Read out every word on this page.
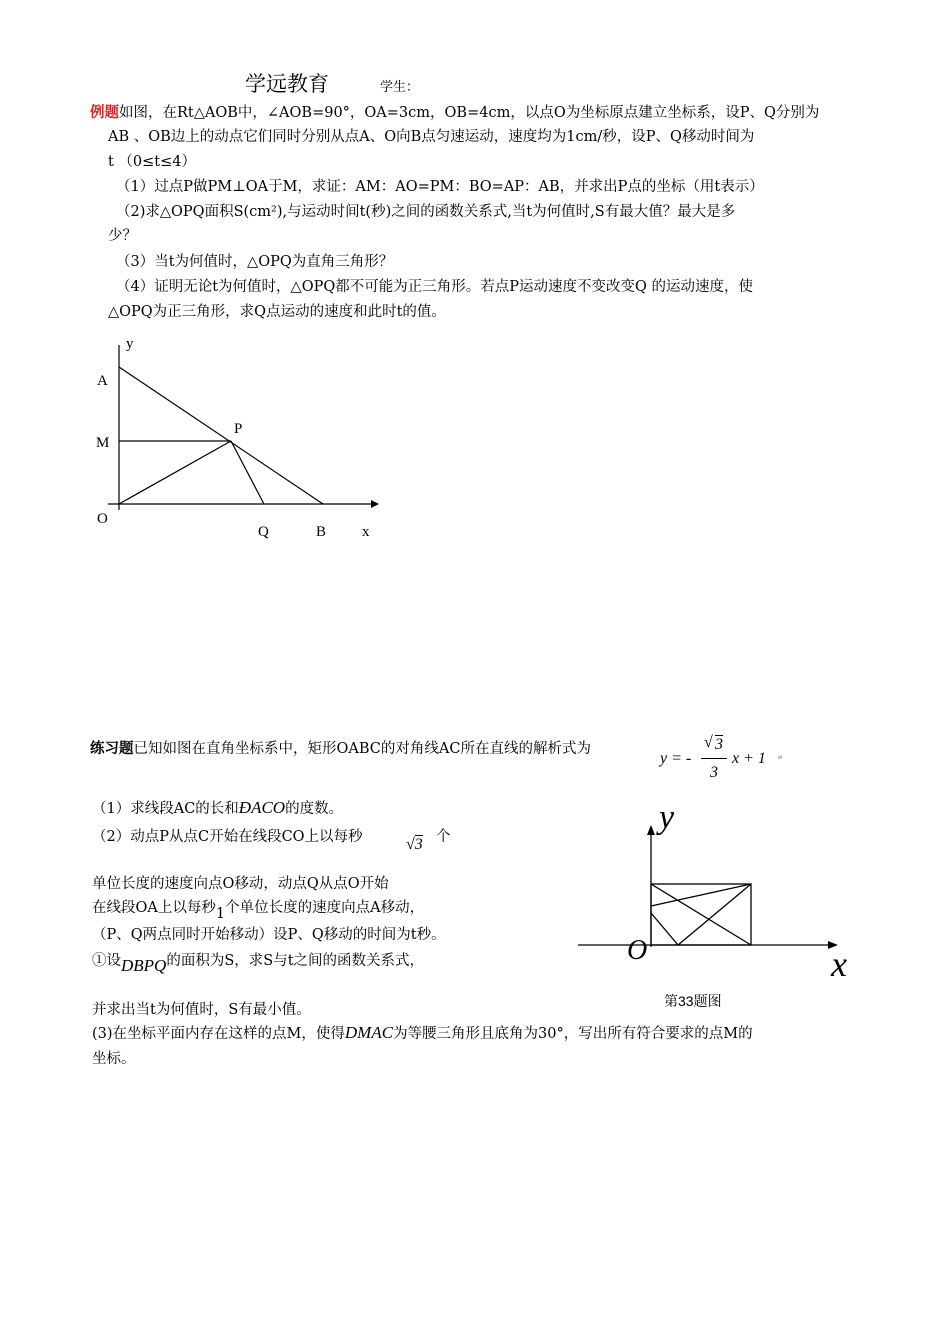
学远教育	学生：
例题如图，在Rt△AOB中，∠AOB=90°，OA=3cm，OB=4cm，以点O为坐标原点建立坐标系，设P、Q分别为
AB 、OB边上的动点它们同时分别从点A、O向B点匀速运动，速度均为1cm/秒，设P、Q移动时间为
t （0≤t≤4）
（1）过点P做PM⊥OA于M，求证：AM：AO=PM：BO=AP：AB，并求出P点的坐标（用t表示）
（2)求△OPQ面积S(cm²),与运动时间t(秒)之间的函数关系式,当t为何值时,S有最大值？最大是多
少？
（3）当t为何值时，△OPQ为直角三角形？
（4）证明无论t为何值时，△OPQ都不可能为正三角形。若点P运动速度不变改变Q 的运动速度，使
△OPQ为正三角形，求Q点运动的速度和此时t的值。
y
A
M
P
O
Q	B x
练习题已知如图在直角坐标系中，矩形OABC的对角线AC所在直线的解析式为
y = -
√ 3
3
x + 1 。
（1）求线段AC的长和ÐACO的度数。
（2）动点P从点C开始在线段CO上以每秒	√3 个
单位长度的速度向点O移动，动点Q从点O开始
在线段OA上以每秒1个单位长度的速度向点A移动，
（P、Q两点同时开始移动）设P、Q移动的时间为t秒。
①设DBPQ的面积为S，求S与t之间的函数关系式，
并求出当t为何值时，S有最小值。
(3)在坐标平面内存在这样的点M，使得DMAC为等腰三角形且底角为30°，写出所有符合要求的点M的
坐标。
y
O	x
第33题图
